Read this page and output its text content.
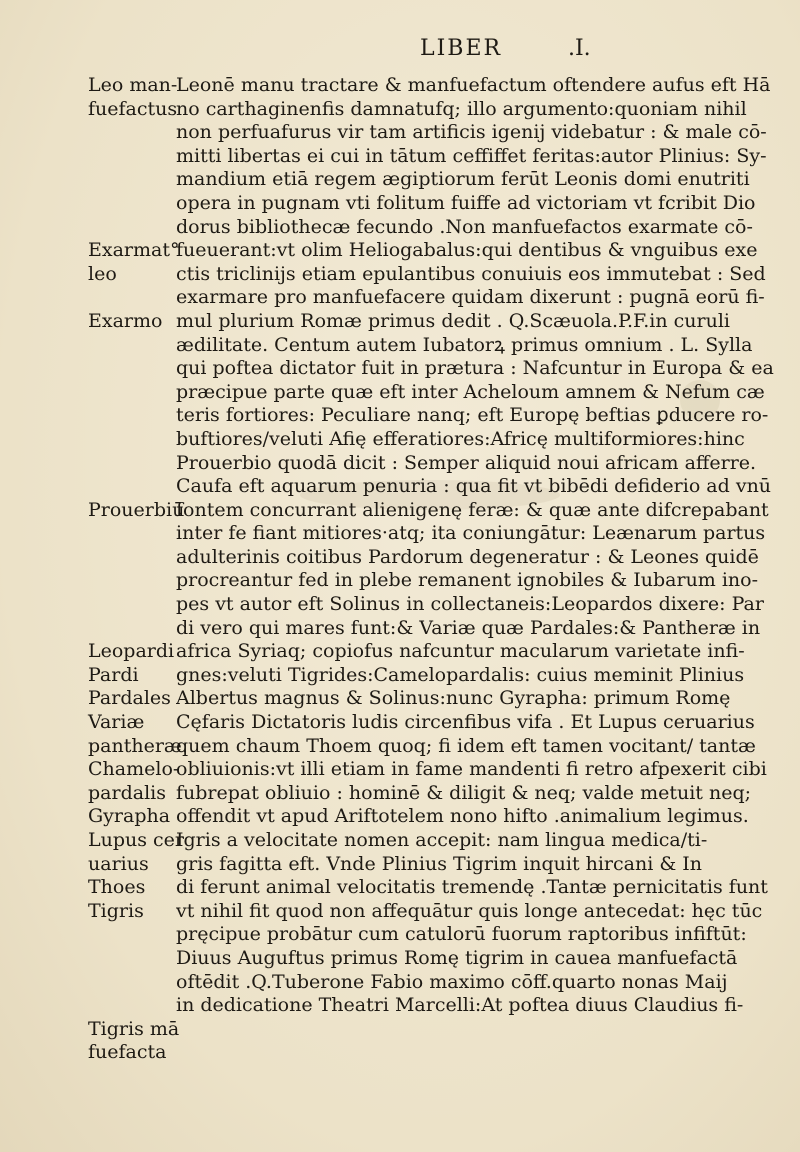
LIBER	.I.
Leo man-
fuefactus
Exarmat°
leo
Exarmo
Prouerbiū
Leopardi
Pardi
Pardales
Variæ
pantheræ.
Chamelo-
pardalis
Gyrapha
Lupus cer
uarius
Thoes
Tigris
Tigris mā
fuefacta
Leonē manu tractare & manfuefactum oftendere aufus eft Hā
no carthaginenfis damnatufq; illo argumento:quoniam nihil
non perfuafurus vir tam artificis igenij videbatur : & male cō-
mitti libertas ei cui in tātum ceffiffet feritas:autor Plinius: Sy-
mandium etiā regem ægiptiorum ferūt Leonis domi enutriti
opera in pugnam vti folitum fuiffe ad victoriam vt fcribit Dio
dorus bibliothecæ fecundo .Non manfuefactos exarmate cō-
fueuerant:vt olim Heliogabalus:qui dentibus & vnguibus exe
ctis triclinijs etiam epulantibus conuiuis eos immutebat : Sed
exarmare pro manfuefacere quidam dixerunt : pugnā eorū fi-
mul plurium Romæ primus dedit . Q.Scæuola.P.F.in curuli
ædilitate. Centum autem Iubatorꝝ primus omnium . L. Sylla
qui poftea dictator fuit in prætura : Nafcuntur in Europa & ea
præcipue parte quæ eft inter Acheloum amnem & Nefum cæ
teris fortiores: Peculiare nanq; eft Europę beftias ꝑducere ro-
buftiores/veluti Afię efferatiores:Africę multiformiores:hinc
Prouerbio quodā dicit : Semper aliquid noui africam afferre.
Caufa eft aquarum penuria : qua fit vt bibēdi defiderio ad vnū
fontem concurrant alienigenę feræ: & quæ ante difcrepabant
inter fe fiant mitiores·atq; ita coniungātur: Leænarum partus
adulterinis coitibus Pardorum degeneratur : & Leones quidē
procreantur fed in plebe remanent ignobiles & Iubarum ino-
pes vt autor eft Solinus in collectaneis:Leopardos dixere: Par
di vero qui mares funt:& Variæ quæ Pardales:& Pantheræ in
africa Syriaq; copiofus nafcuntur macularum varietate infi-
gnes:veluti Tigrides:Camelopardalis: cuius meminit Plinius
Albertus magnus & Solinus:nunc Gyrapha: primum Romę
Cęfaris Dictatoris ludis circenfibus vifa . Et Lupus ceruarius
quem chaum Thoem quoq; fi idem eft tamen vocitant/ tantæ
obliuionis:vt illi etiam in fame mandenti fi retro afpexerit cibi
fubrepat obliuio : hominē & diligit & neq; valde metuit neq;
offendit vt apud Ariftotelem nono hifto .animalium legimus.
Igris a velocitate nomen accepit: nam lingua medica/ti-
gris fagitta eft. Vnde Plinius Tigrim inquit hircani & In
di ferunt animal velocitatis tremendę .Tantæ pernicitatis funt
vt nihil fit quod non affequātur quis longe antecedat: hęc tūc
pręcipue probātur cum catulorū fuorum raptoribus infiftūt:
Diuus Auguftus primus Romę tigrim in cauea manfuefactā
oftēdit .Q.Tuberone Fabio maximo cōff.quarto nonas Maij
in dedicatione Theatri Marcelli:At poftea diuus Claudius fi-
